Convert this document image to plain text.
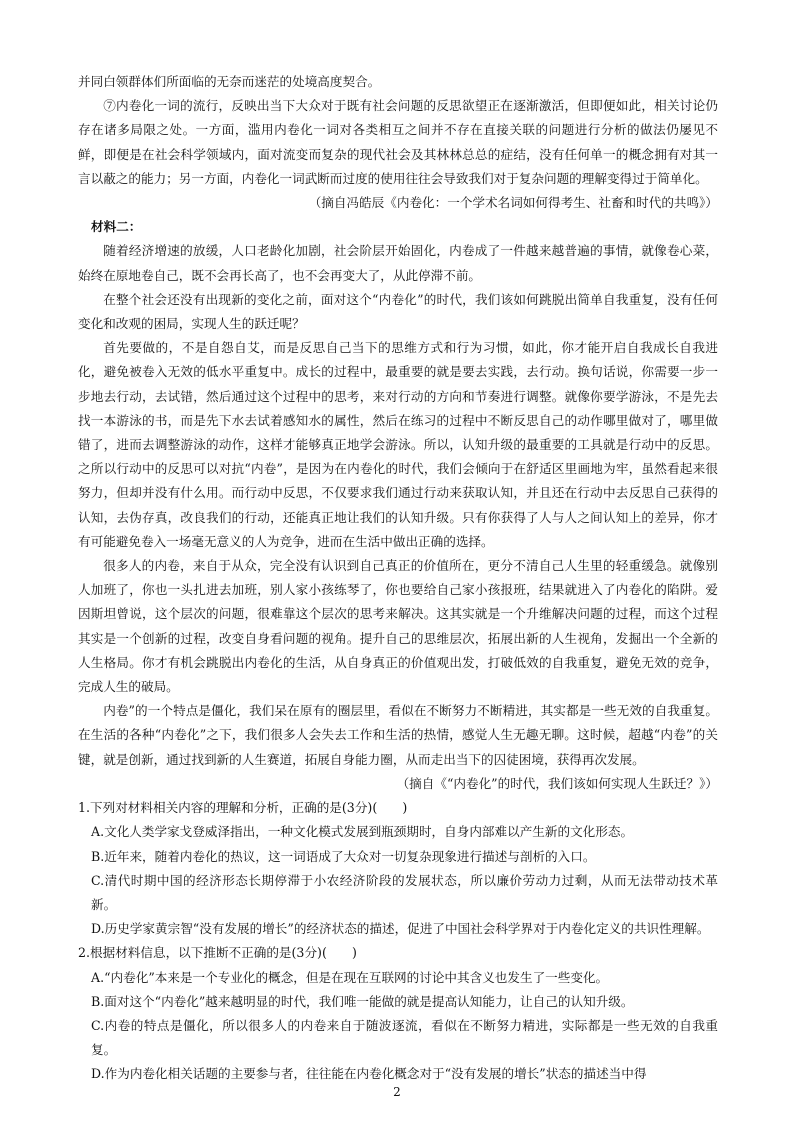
并同白领群体们所面临的无奈而迷茫的处境高度契合。

⑦内卷化一词的流行，反映出当下大众对于既有社会问题的反思欲望正在逐渐激活，但即便如此，相关讨论仍存在诸多局限之处。一方面，滥用内卷化一词对各类相互之间并不存在直接关联的问题进行分析的做法仍屡见不鲜，即便是在社会科学领域内，面对流变而复杂的现代社会及其林林总总的症结，没有任何单一的概念拥有对其一言以蔽之的能力；另一方面，内卷化一词武断而过度的使用往往会导致我们对于复杂问题的理解变得过于简单化。

（摘自冯皓辰《内卷化：一个学术名词如何得考生、社畜和时代的共鸣》）

材料二：

随着经济增速的放缓，人口老龄化加剧，社会阶层开始固化，内卷成了一件越来越普遍的事情，就像卷心菜，始终在原地卷自己，既不会再长高了，也不会再变大了，从此停滞不前。

在整个社会还没有出现新的变化之前，面对这个“内卷化”的时代，我们该如何跳脱出简单自我重复，没有任何变化和改观的困局，实现人生的跃迁呢？

首先要做的，不是自怨自艾，而是反思自己当下的思维方式和行为习惯，如此，你才能开启自我成长自我进化，避免被卷入无效的低水平重复中。成长的过程中，最重要的就是要去实践，去行动。换句话说，你需要一步一步地去行动，去试错，然后通过这个过程中的思考，来对行动的方向和节奏进行调整。就像你要学游泳，不是先去找一本游泳的书，而是先下水去试着感知水的属性，然后在练习的过程中不断反思自己的动作哪里做对了，哪里做错了，进而去调整游泳的动作，这样才能够真正地学会游泳。所以，认知升级的最重要的工具就是行动中的反思。之所以行动中的反思可以对抗“内卷”，是因为在内卷化的时代，我们会倾向于在舒适区里画地为牢，虽然看起来很努力，但却并没有什么用。而行动中反思，不仅要求我们通过行动来获取认知，并且还在行动中去反思自己获得的认知，去伪存真，改良我们的行动，还能真正地让我们的认知升级。只有你获得了人与人之间认知上的差异，你才有可能避免卷入一场毫无意义的人为竞争，进而在生活中做出正确的选择。

很多人的内卷，来自于从众，完全没有认识到自己真正的价值所在，更分不清自己人生里的轻重缓急。就像别人加班了，你也一头扎进去加班，别人家小孩练琴了，你也要给自己家小孩报班，结果就进入了内卷化的陷阱。爱因斯坦曾说，这个层次的问题，很难靠这个层次的思考来解决。这其实就是一个升维解决问题的过程，而这个过程其实是一个创新的过程，改变自身看问题的视角。提升自己的思维层次，拓展出新的人生视角，发掘出一个全新的人生格局。你才有机会跳脱出内卷化的生活，从自身真正的价值观出发，打破低效的自我重复，避免无效的竞争，完成人生的破局。

内卷”的一个特点是僵化，我们呆在原有的圈层里，看似在不断努力不断精进，其实都是一些无效的自我重复。在生活的各种“内卷化”之下，我们很多人会失去工作和生活的热情，感觉人生无趣无聊。这时候，超越“内卷”的关键，就是创新，通过找到新的人生赛道，拓展自身能力圈，从而走出当下的囚徒困境，获得再次发展。

（摘自《“内卷化”的时代，我们该如何实现人生跃迁？》）

1.下列对材料相关内容的理解和分析，正确的是(3分)(　　)

A.文化人类学家戈登威泽指出，一种文化模式发展到瓶颈期时，自身内部难以产生新的文化形态。

B.近年来，随着内卷化的热议，这一词语成了大众对一切复杂现象进行描述与剖析的入口。

C.清代时期中国的经济形态长期停滞于小农经济阶段的发展状态，所以廉价劳动力过剩，从而无法带动技术革新。

D.历史学家黄宗智“没有发展的增长”的经济状态的描述，促进了中国社会科学界对于内卷化定义的共识性理解。

2.根据材料信息，以下推断不正确的是(3分)(　　)

A.“内卷化”本来是一个专业化的概念，但是在现在互联网的讨论中其含义也发生了一些变化。

B.面对这个“内卷化”越来越明显的时代，我们唯一能做的就是提高认知能力，让自己的认知升级。

C.内卷的特点是僵化，所以很多人的内卷来自于随波逐流，看似在不断努力精进，实际都是一些无效的自我重复。

D.作为内卷化相关话题的主要参与者，往往能在内卷化概念对于“没有发展的增长”状态的描述当中得

2
